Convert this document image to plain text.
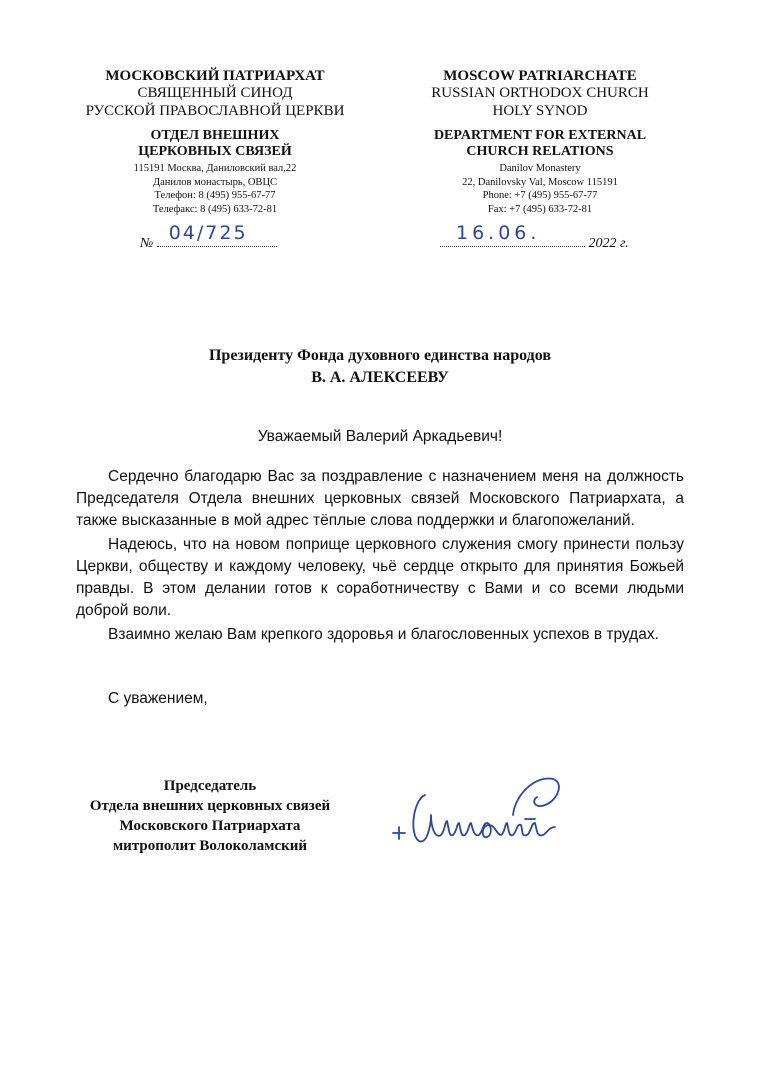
МОСКОВСКИЙ ПАТРИАРХАТ
СВЯЩЕННЫЙ СИНОД
РУССКОЙ ПРАВОСЛАВНОЙ ЦЕРКВИ
ОТДЕЛ ВНЕШНИХ
ЦЕРКОВНЫХ СВЯЗЕЙ
115191 Москва, Даниловский вал,22
Данилов монастырь, ОВЦС
Телефон: 8 (495) 955-67-77
Телефакс: 8 (495) 633-72-81
MOSCOW PATRIARCHATE
RUSSIAN ORTHODOX CHURCH
HOLY SYNOD
DEPARTMENT FOR EXTERNAL
CHURCH RELATIONS
Danilov Monastery
22, Danilovsky Val, Moscow 115191
Phone: +7 (495) 955-67-77
Fax: +7 (495) 633-72-81
№ 04/725	16.06.	2022 г.
Президенту Фонда духовного единства народов
В. А. АЛЕКСЕЕВУ
Уважаемый Валерий Аркадьевич!

Сердечно благодарю Вас за поздравление с назначением меня на должность Председателя Отдела внешних церковных связей Московского Патриархата, а также высказанные в мой адрес тёплые слова поддержки и благопожеланий.

Надеюсь, что на новом поприще церковного служения смогу принести пользу Церкви, обществу и каждому человеку, чьё сердце открыто для принятия Божьей правды. В этом делании готов к соработничеству с Вами и со всеми людьми доброй воли.

Взаимно желаю Вам крепкого здоровья и благословенных успехов в трудах.

С уважением,
Председатель
Отдела внешних церковных связей
Московского Патриархата
митрополит Волоколамский
